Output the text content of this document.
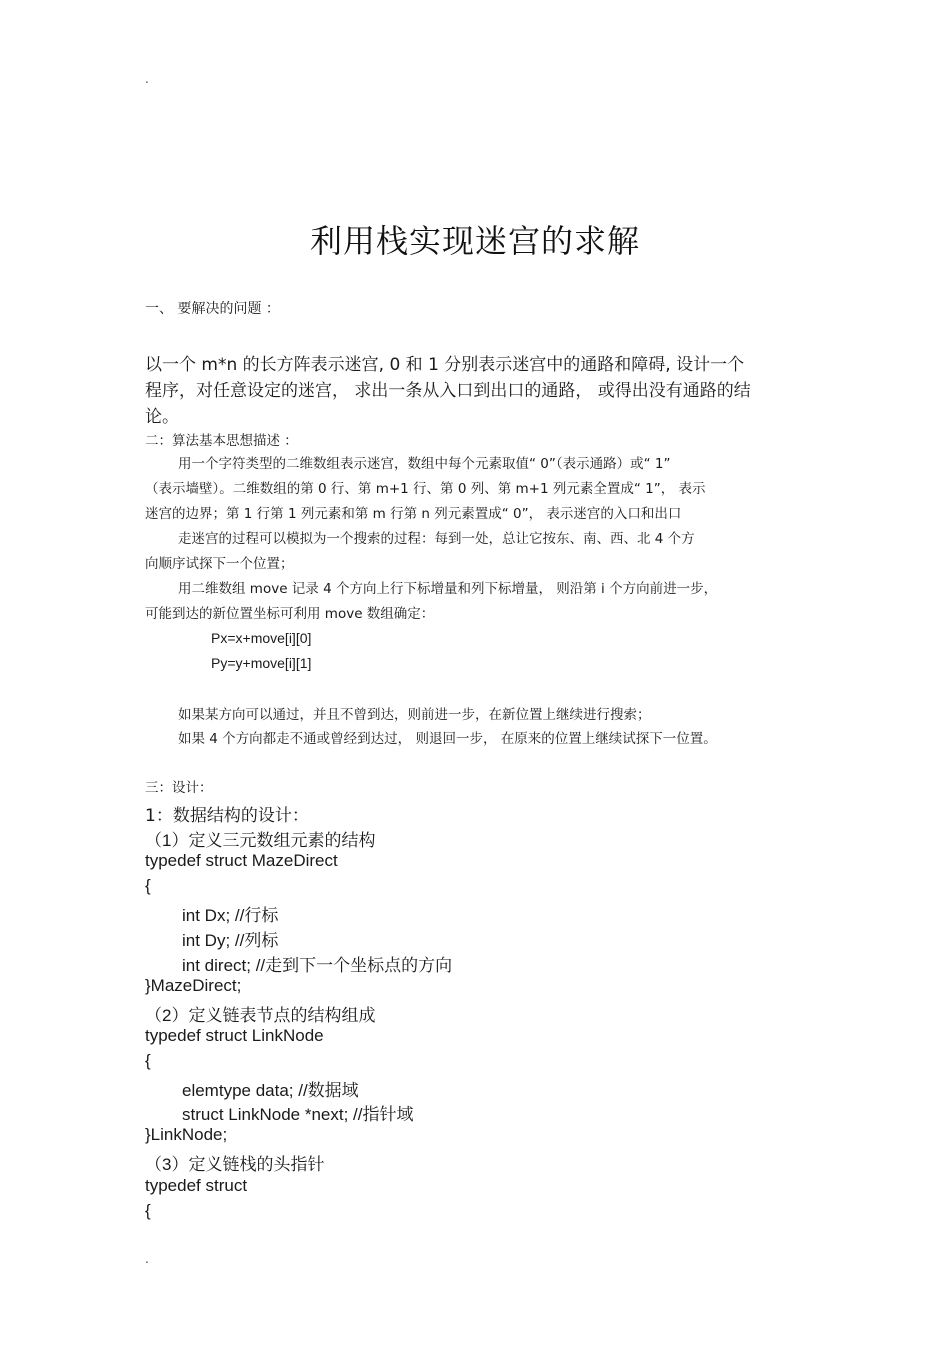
.
利用栈实现迷宫的求解
一、 要解决的问题 ：
以一个 m*n 的长方阵表示迷宫, 0 和 1 分别表示迷宫中的通路和障碍, 设计一个
程序，对任意设定的迷宫， 求出一条从入口到出口的通路， 或得出没有通路的结
论。
二：算法基本思想描述 ：
用一个字符类型的二维数组表示迷宫，数组中每个元素取值“ 0”（表示通路）或“ 1”
（表示墙壁）。二维数组的第 0 行、第 m+1 行、第 0 列、第 m+1 列元素全置成“ 1”， 表示
迷宫的边界；第 1 行第 1 列元素和第 m 行第 n 列元素置成“ 0”， 表示迷宫的入口和出口
走迷宫的过程可以模拟为一个搜索的过程：每到一处，总让它按东、南、西、北 4 个方
向顺序试探下一个位置；
用二维数组 move 记录 4 个方向上行下标增量和列下标增量， 则沿第 i 个方向前进一步，
可能到达的新位置坐标可利用 move 数组确定：
Px=x+move[i][0]
Py=y+move[i][1]
如果某方向可以通过，并且不曾到达，则前进一步，在新位置上继续进行搜索；
如果 4 个方向都走不通或曾经到达过， 则退回一步， 在原来的位置上继续试探下一位置。
三：设计：
1：数据结构的设计：
（1）定义三元数组元素的结构
typedef struct MazeDirect
{
int Dx; //行标
int Dy; //列标
int direct; //走到下一个坐标点的方向
}MazeDirect;
（2）定义链表节点的结构组成
typedef struct LinkNode
{
elemtype data; //数据域
struct LinkNode *next; //指针域
}LinkNode;
（3）定义链栈的头指针
typedef struct
{
.
